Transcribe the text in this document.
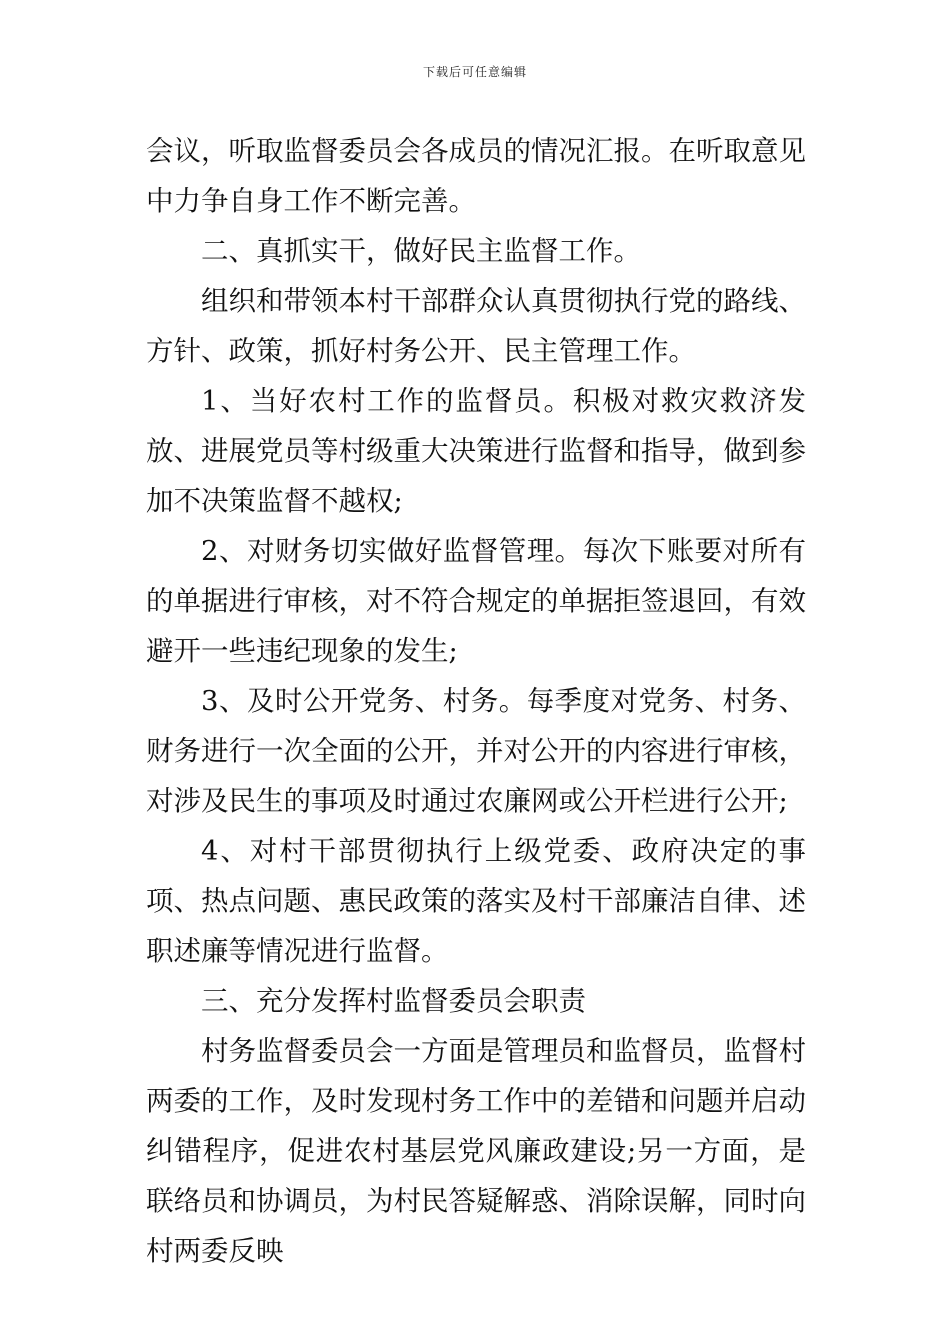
下载后可任意编辑

会议，听取监督委员会各成员的情况汇报。在听取意见中力争自身工作不断完善。

二、真抓实干，做好民主监督工作。

组织和带领本村干部群众认真贯彻执行党的路线、方针、政策，抓好村务公开、民主管理工作。

1、当好农村工作的监督员。积极对救灾救济发放、进展党员等村级重大决策进行监督和指导，做到参加不决策监督不越权;

2、对财务切实做好监督管理。每次下账要对所有的单据进行审核，对不符合规定的单据拒签退回，有效避开一些违纪现象的发生;

3、及时公开党务、村务。每季度对党务、村务、财务进行一次全面的公开，并对公开的内容进行审核，对涉及民生的事项及时通过农廉网或公开栏进行公开;

4、对村干部贯彻执行上级党委、政府决定的事项、热点问题、惠民政策的落实及村干部廉洁自律、述职述廉等情况进行监督。

三、充分发挥村监督委员会职责

村务监督委员会一方面是管理员和监督员，监督村两委的工作，及时发现村务工作中的差错和问题并启动纠错程序，促进农村基层党风廉政建设;另一方面，是联络员和协调员，为村民答疑解惑、消除误解，同时向村两委反映
